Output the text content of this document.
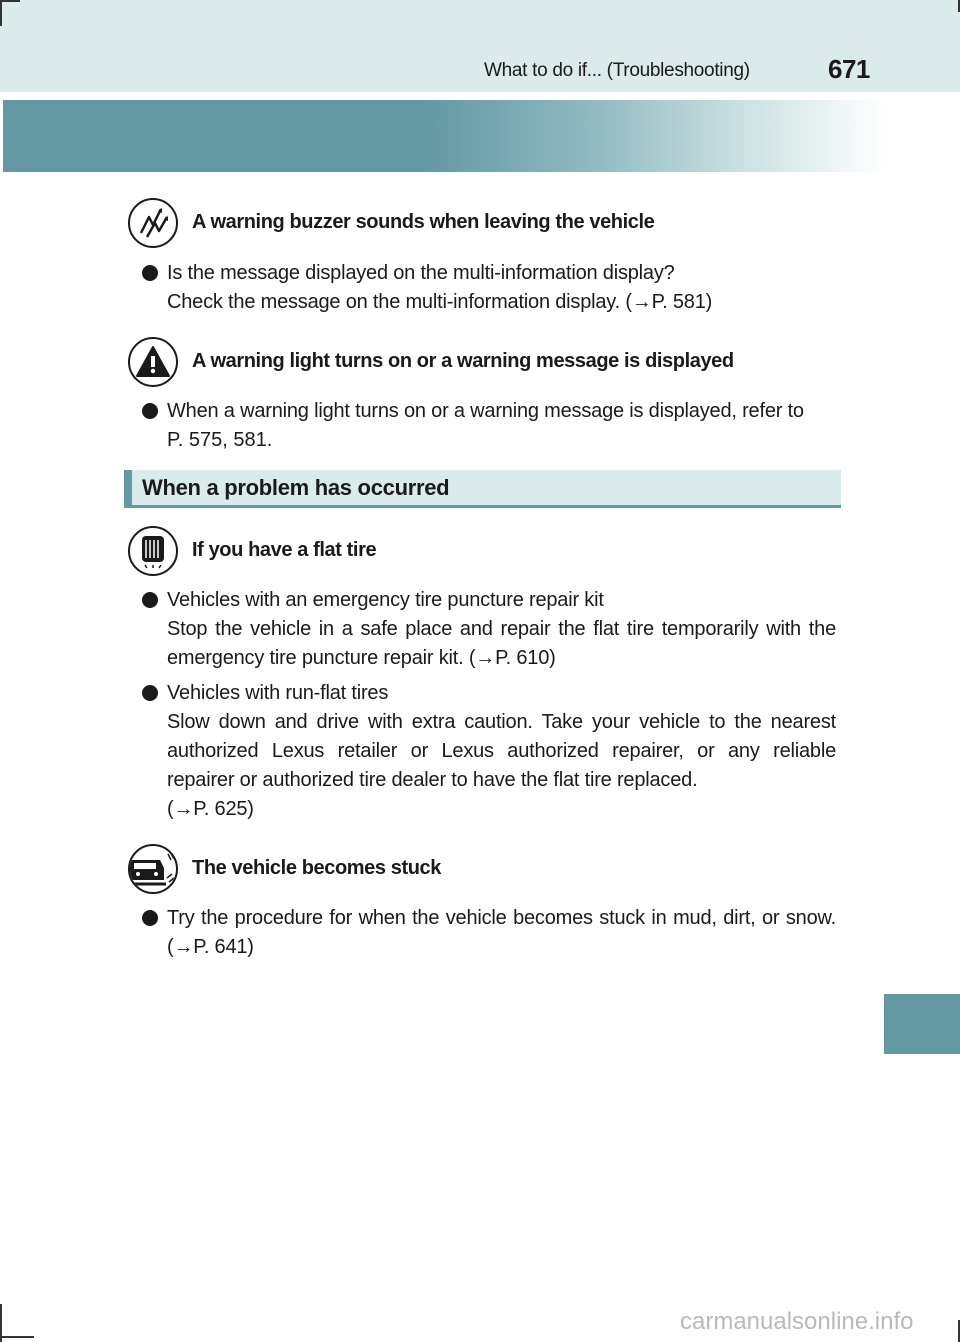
What to do if... (Troubleshooting)	671
A warning buzzer sounds when leaving the vehicle
Is the message displayed on the multi-information display?
Check the message on the multi-information display. (→P. 581)
A warning light turns on or a warning message is displayed
When a warning light turns on or a warning message is displayed, refer to
P. 575, 581.
When a problem has occurred
If you have a flat tire
Vehicles with an emergency tire puncture repair kit
Stop the vehicle in a safe place and repair the flat tire temporarily with the
emergency tire puncture repair kit. (→P. 610)
Vehicles with run-flat tires
Slow down and drive with extra caution. Take your vehicle to the nearest
authorized Lexus retailer or Lexus authorized repairer, or any reliable
repairer or authorized tire dealer to have the flat tire replaced.
(→P. 625)
The vehicle becomes stuck
Try the procedure for when the vehicle becomes stuck in mud, dirt, or snow.
(→P. 641)
carmanualsonline.info
